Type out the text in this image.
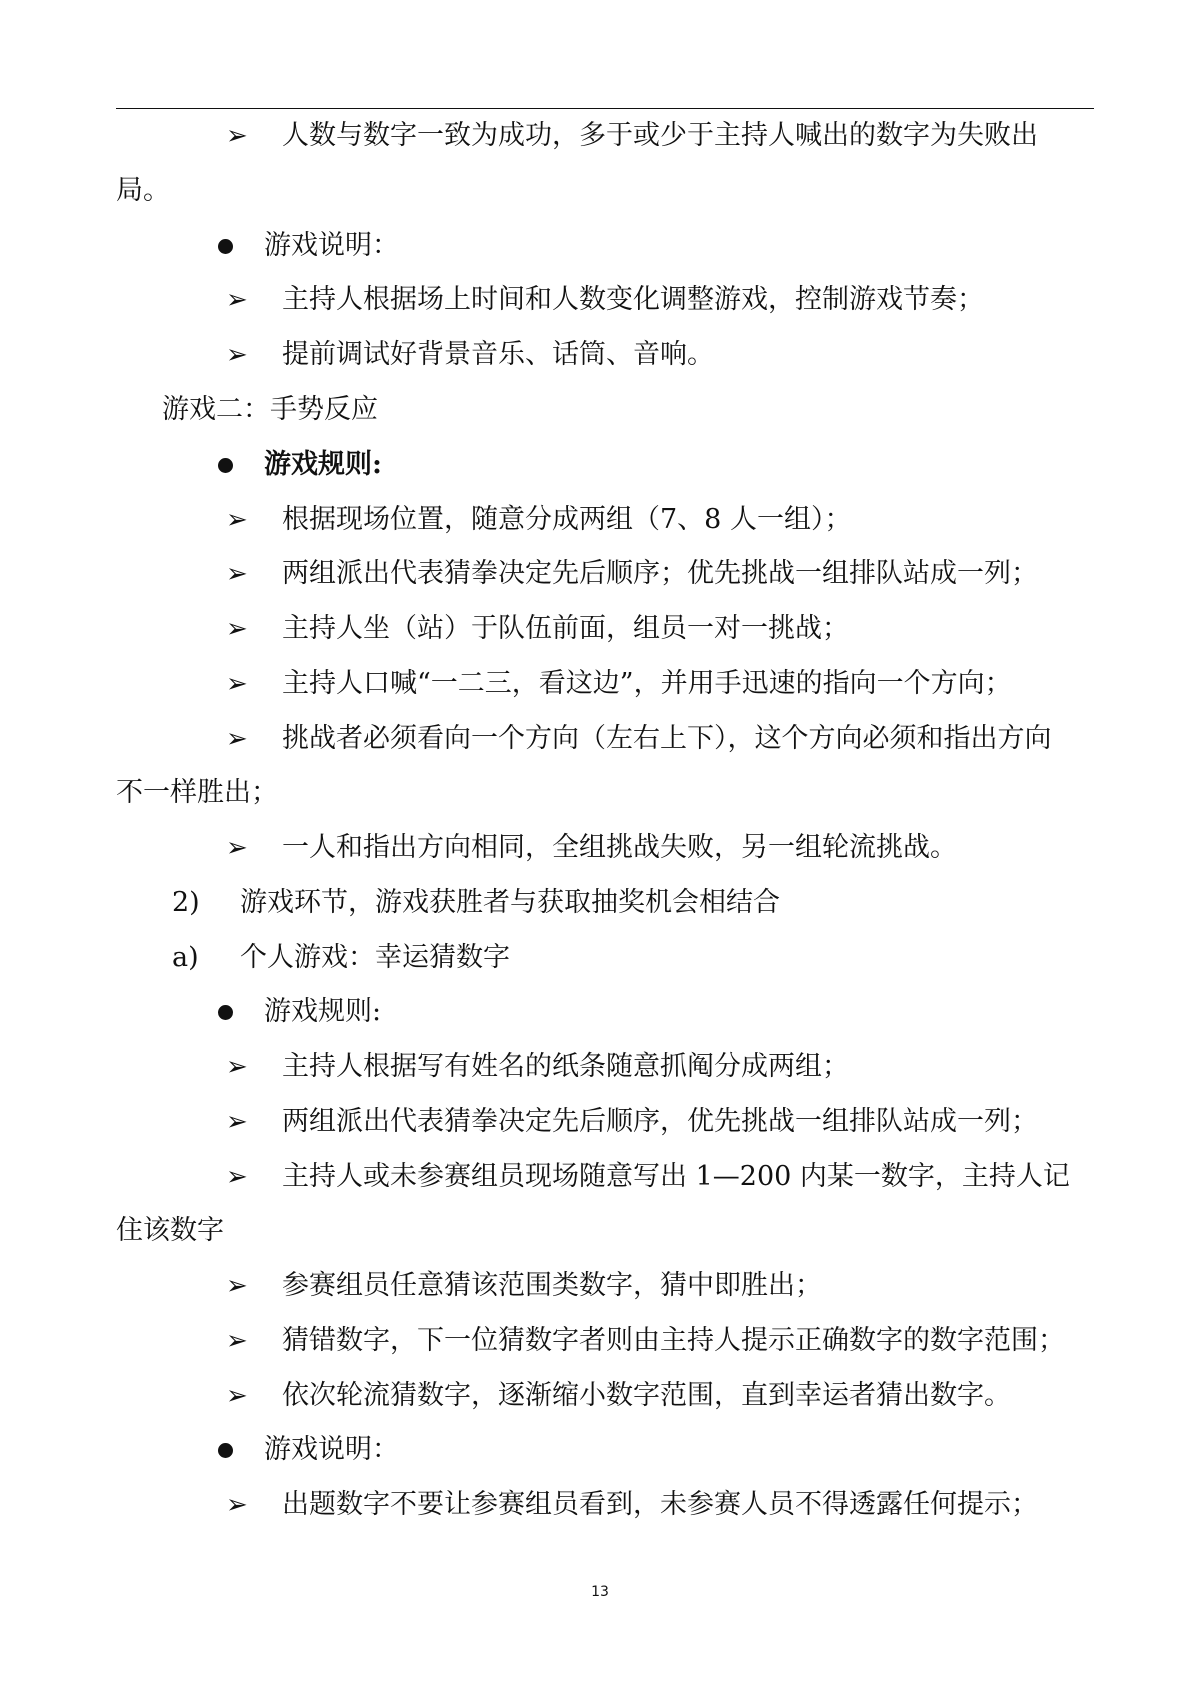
➢ 人数与数字一致为成功，多于或少于主持人喊出的数字为失败出
局。
游戏说明：
➢ 主持人根据场上时间和人数变化调整游戏，控制游戏节奏；
➢ 提前调试好背景音乐、话筒、音响。
游戏二：手势反应
游戏规则:
➢ 根据现场位置，随意分成两组（7、8 人一组）；
➢ 两组派出代表猜拳决定先后顺序；优先挑战一组排队站成一列；
➢ 主持人坐（站）于队伍前面，组员一对一挑战；
➢ 主持人口喊“一二三，看这边”，并用手迅速的指向一个方向；
➢ 挑战者必须看向一个方向（左右上下），这个方向必须和指出方向
不一样胜出；
➢ 一人和指出方向相同，全组挑战失败，另一组轮流挑战。
2) 游戏环节，游戏获胜者与获取抽奖机会相结合
a) 个人游戏：幸运猜数字
游戏规则:
➢ 主持人根据写有姓名的纸条随意抓阄分成两组；
➢ 两组派出代表猜拳决定先后顺序，优先挑战一组排队站成一列；
➢ 主持人或未参赛组员现场随意写出 1—200 内某一数字，主持人记
住该数字
➢ 参赛组员任意猜该范围类数字，猜中即胜出；
➢ 猜错数字，下一位猜数字者则由主持人提示正确数字的数字范围；
➢ 依次轮流猜数字，逐渐缩小数字范围，直到幸运者猜出数字。
游戏说明：
➢ 出题数字不要让参赛组员看到，未参赛人员不得透露任何提示；
13
